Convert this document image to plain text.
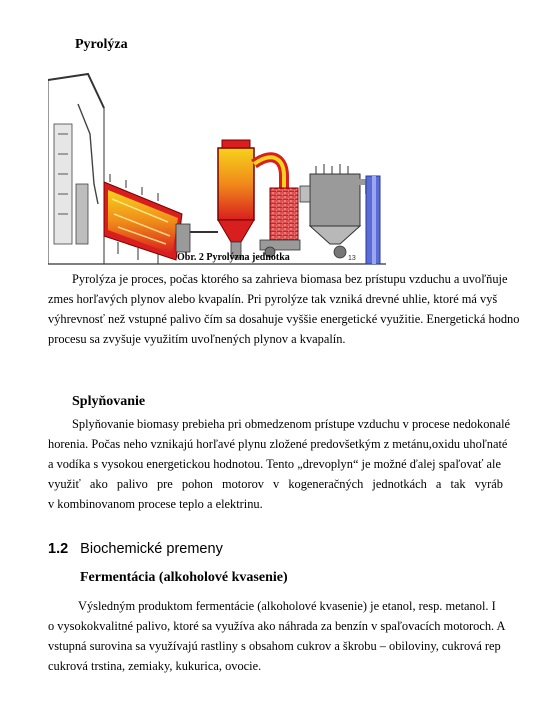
Pyrolýza
13
Obr. 2 Pyrolýzna jednotka
Pyrolýza je proces, počas ktorého sa zahrieva biomasa bez prístupu vzduchu a uvoľňuje
zmes horľavých plynov alebo kvapalín. Pri pyrolýze tak vzniká drevné uhlie, ktoré má vyš
výhrevnosť než vstupné palivo čím sa dosahuje vyššie energetické využitie. Energetická hodno
procesu sa zvyšuje využitím uvoľnených plynov a kvapalín.
Splyňovanie
Splyňovanie biomasy prebieha pri obmedzenom prístupe vzduchu v procese nedokonalé
horenia. Počas neho vznikajú horľavé plynu zložené predovšetkým z metánu,oxidu uhoľnaté
a vodíka s vysokou energetickou hodnotou. Tento „drevoplyn“ je možné ďalej spaľovať ale
využiť ako palivo pre pohon motorov v kogeneračných jednotkách a tak vyráb
v kombinovanom procese teplo a elektrinu.
1.2 Biochemické premeny
Fermentácia (alkoholové kvasenie)
Výsledným produktom fermentácie (alkoholové kvasenie) je etanol, resp. metanol. I
o vysokokvalitné palivo, ktoré sa využíva ako náhrada za benzín v spaľovacích motoroch. A
vstupná surovina sa využívajú rastliny s obsahom cukrov a škrobu – obiloviny, cukrová rep
cukrová trstina, zemiaky, kukurica, ovocie.
